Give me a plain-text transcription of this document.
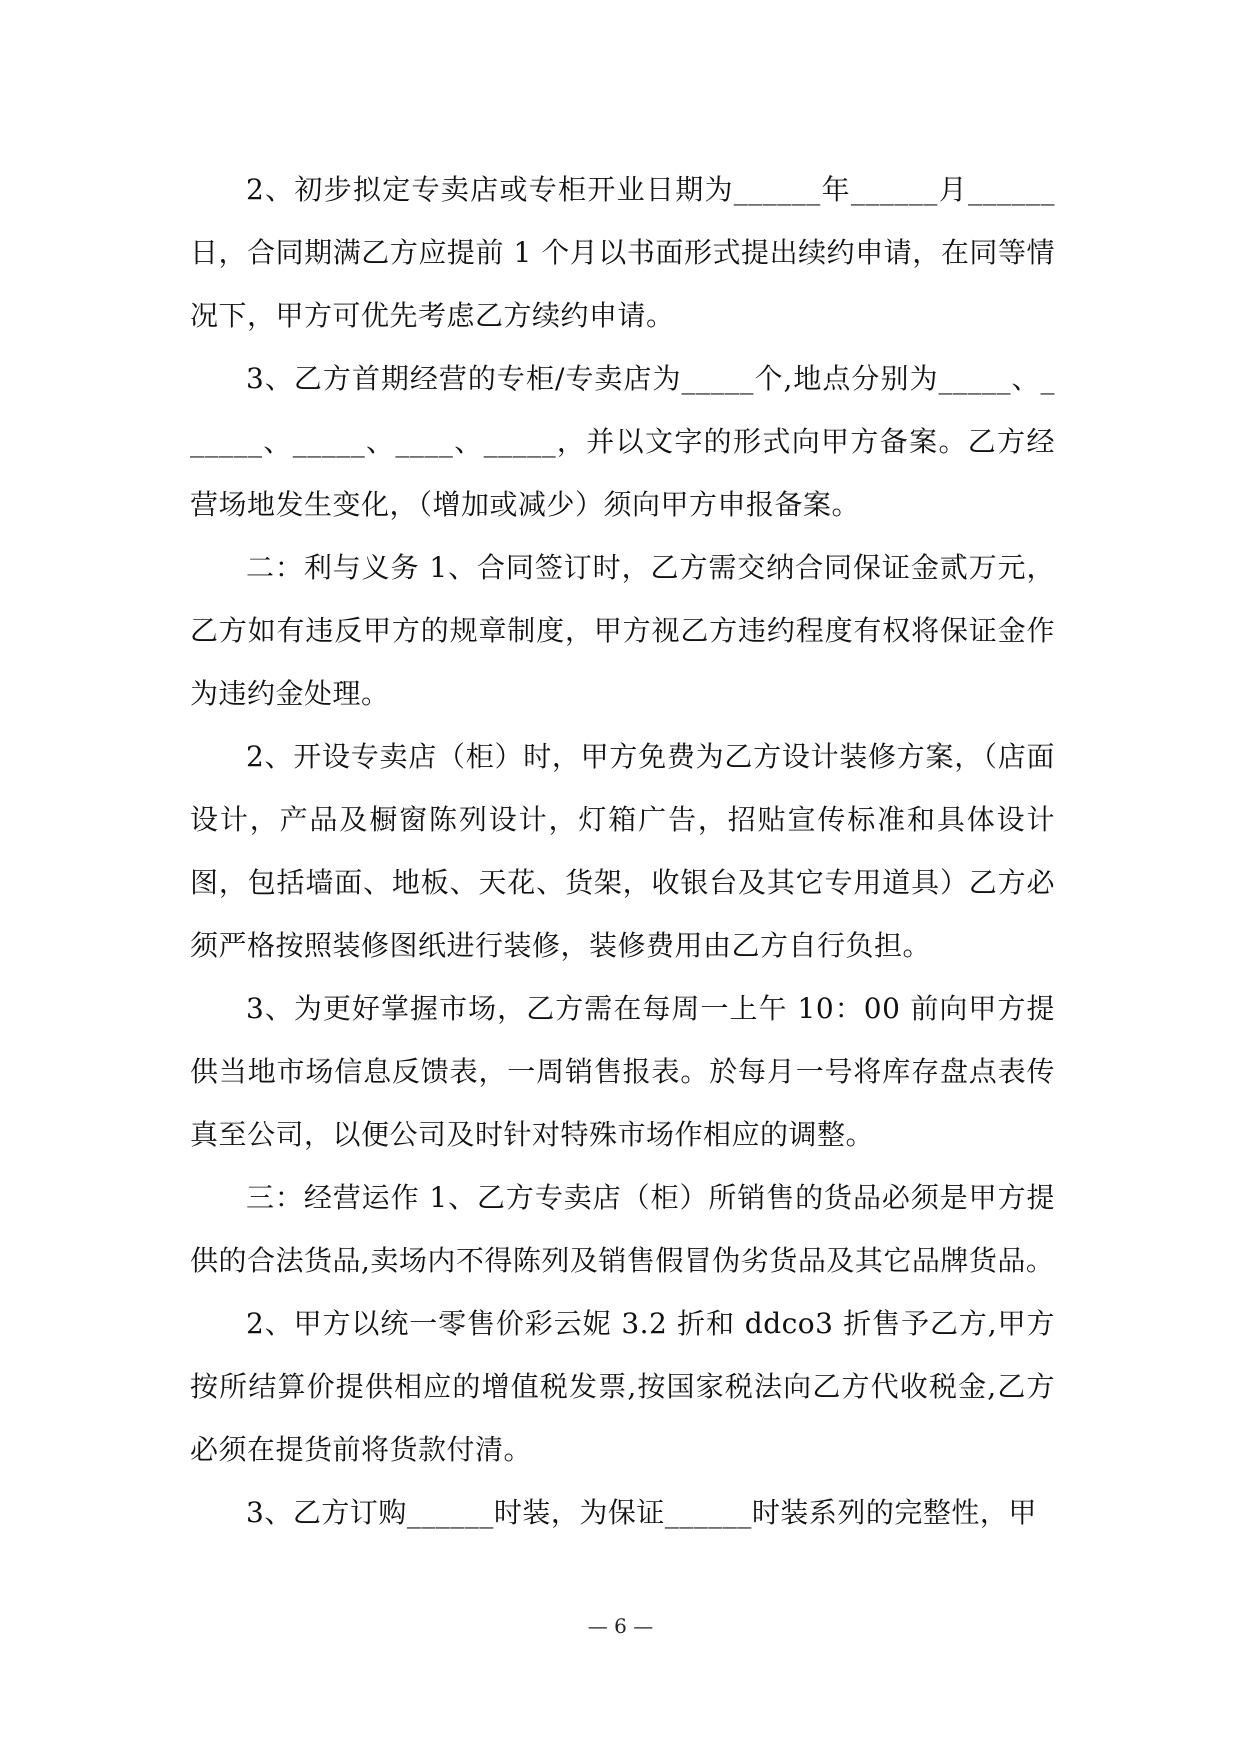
2、初步拟定专卖店或专柜开业日期为______年______月______日，合同期满乙方应提前 1 个月以书面形式提出续约申请，在同等情况下，甲方可优先考虑乙方续约申请。

3、乙方首期经营的专柜/专卖店为_____个,地点分别为_____、______、_____、____、_____，并以文字的形式向甲方备案。乙方经营场地发生变化，（增加或减少）须向甲方申报备案。

二：利与义务 1、合同签订时，乙方需交纳合同保证金贰万元，乙方如有违反甲方的规章制度，甲方视乙方违约程度有权将保证金作为违约金处理。

2、开设专卖店（柜）时，甲方免费为乙方设计装修方案，（店面设计，产品及橱窗陈列设计，灯箱广告，招贴宣传标准和具体设计图，包括墙面、地板、天花、货架，收银台及其它专用道具）乙方必须严格按照装修图纸进行装修，装修费用由乙方自行负担。

3、为更好掌握市场，乙方需在每周一上午 10：00 前向甲方提供当地市场信息反馈表，一周销售报表。於每月一号将库存盘点表传真至公司，以便公司及时针对特殊市场作相应的调整。

三：经营运作 1、乙方专卖店（柜）所销售的货品必须是甲方提供的合法货品,卖场内不得陈列及销售假冒伪劣货品及其它品牌货品。

2、甲方以统一零售价彩云妮 3.2 折和 ddco3 折售予乙方,甲方按所结算价提供相应的增值税发票,按国家税法向乙方代收税金,乙方必须在提货前将货款付清。

3、乙方订购______时装，为保证______时装系列的完整性，甲

— 6 —
